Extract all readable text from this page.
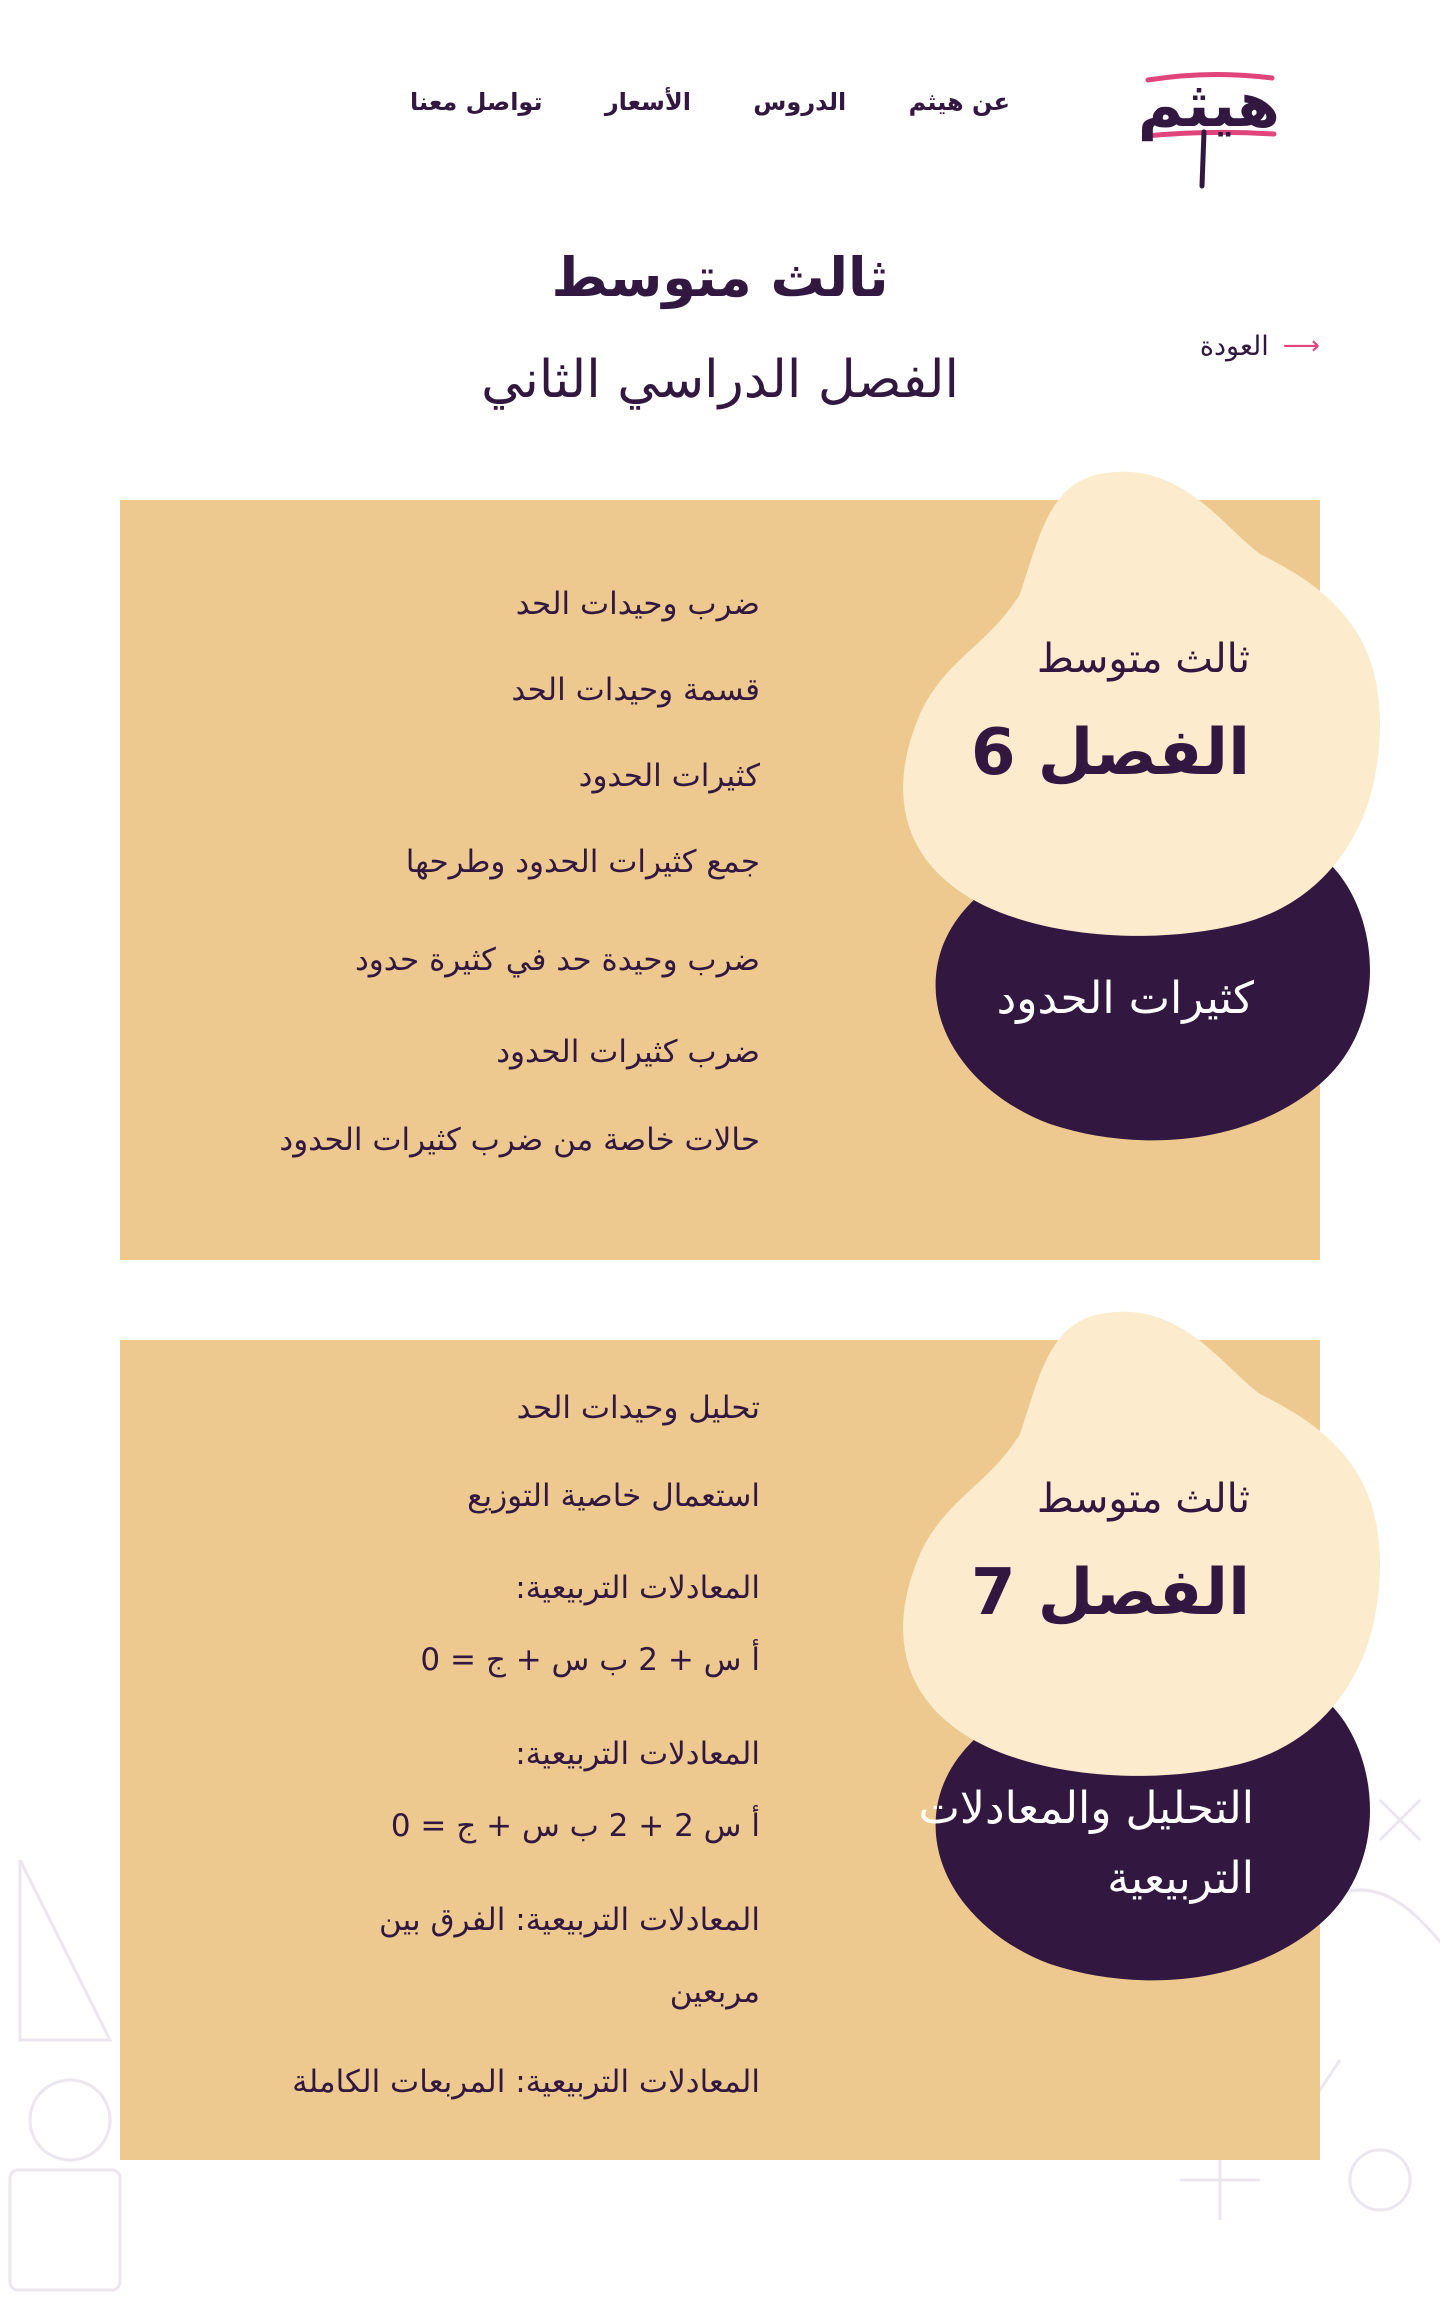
هيثم
عن هيثم
الدروس
الأسعار
تواصل معنا
ثالث متوسط
الفصل الدراسي الثاني
⟶
العودة
ضرب وحيدات الحد
قسمة وحيدات الحد
كثيرات الحدود
جمع كثيرات الحدود وطرحها
ضرب وحيدة حد في كثيرة حدود
ضرب كثيرات الحدود
حالات خاصة من ضرب كثيرات الحدود
ثالث متوسط
الفصل 6
كثيرات الحدود
تحليل وحيدات الحد
استعمال خاصية التوزيع
المعادلات التربيعية:
أ س + 2 ب س + ج = 0
المعادلات التربيعية:
أ س 2 + 2 ب س + ج = 0
المعادلات التربيعية: الفرق بين
مربعين
المعادلات التربيعية: المربعات الكاملة
ثالث متوسط
الفصل 7
التحليل والمعادلات التربيعية
